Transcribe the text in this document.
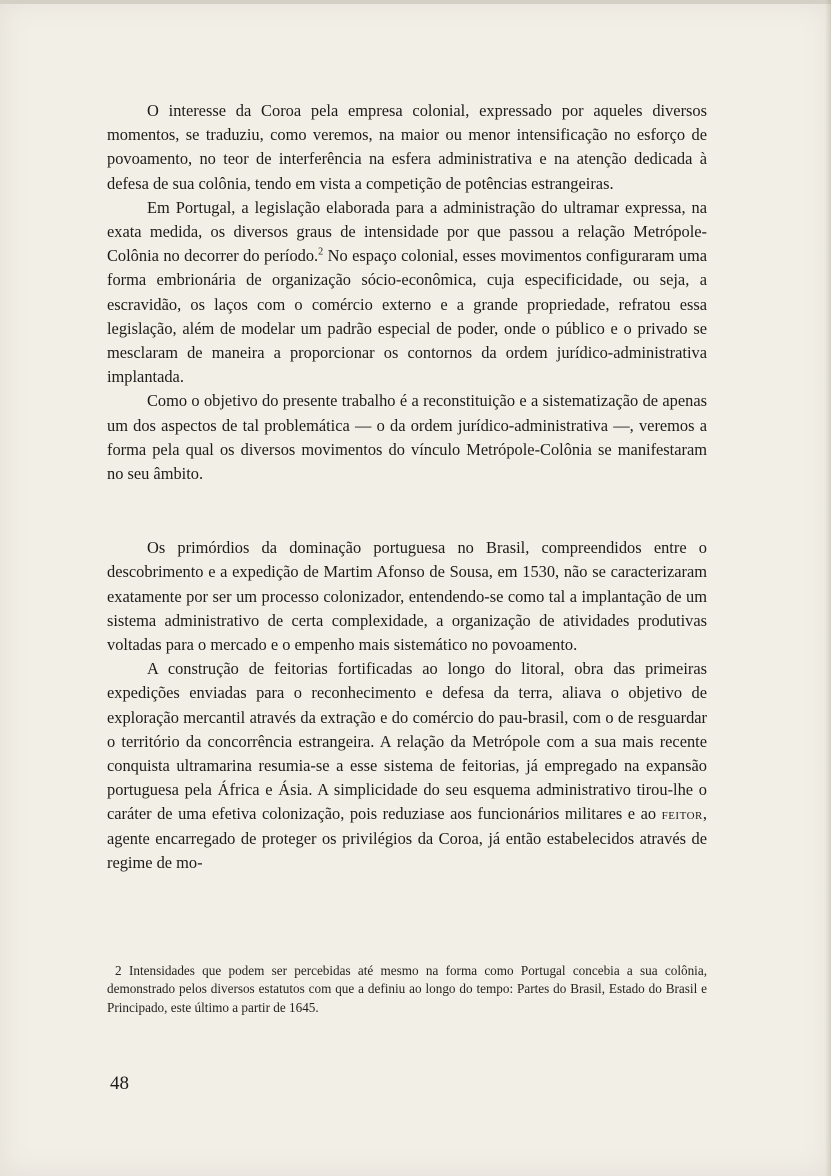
O interesse da Coroa pela empresa colonial, expressado por aqueles diversos momentos, se traduziu, como veremos, na maior ou menor intensificação no esforço de povoamento, no teor de interferência na esfera administrativa e na atenção dedicada à defesa de sua colônia, tendo em vista a competição de potências estrangeiras.

Em Portugal, a legislação elaborada para a administração do ultramar expressa, na exata medida, os diversos graus de intensidade por que passou a relação Metrópole-Colônia no decorrer do período.$^2$ No espaço colonial, esses movimentos configuraram uma forma embrionária de organização sócio-econômica, cuja especificidade, ou seja, a escravidão, os laços com o comércio externo e a grande propriedade, refratou essa legislação, além de modelar um padrão especial de poder, onde o público e o privado se mesclaram de maneira a proporcionar os contornos da ordem jurídico-administrativa implantada.

Como o objetivo do presente trabalho é a reconstituição e a sistematização de apenas um dos aspectos de tal problemática — o da ordem jurídico-administrativa —, veremos a forma pela qual os diversos movimentos do vínculo Metrópole-Colônia se manifestaram no seu âmbito.

Os primórdios da dominação portuguesa no Brasil, compreendidos entre o descobrimento e a expedição de Martim Afonso de Sousa, em 1530, não se caracterizaram exatamente por ser um processo colonizador, entendendo-se como tal a implantação de um sistema administrativo de certa complexidade, a organização de atividades produtivas voltadas para o mercado e o empenho mais sistemático no povoamento.

A construção de feitorias fortificadas ao longo do litoral, obra das primeiras expedições enviadas para o reconhecimento e defesa da terra, aliava o objetivo de exploração mercantil através da extração e do comércio do pau-brasil, com o de resguardar o território da concorrência estrangeira. A relação da Metrópole com a sua mais recente conquista ultramarina resumia-se a esse sistema de feitorias, já empregado na expansão portuguesa pela África e Ásia. A simplicidade do seu esquema administrativo tirou-lhe o caráter de uma efetiva colonização, pois reduziase aos funcionários militares e ao feitor, agente encarregado de proteger os privilégios da Coroa, já então estabelecidos através de regime de mo-

2 Intensidades que podem ser percebidas até mesmo na forma como Portugal concebia a sua colônia, demonstrado pelos diversos estatutos com que a definiu ao longo do tempo: Partes do Brasil, Estado do Brasil e Principado, este último a partir de 1645.

48
